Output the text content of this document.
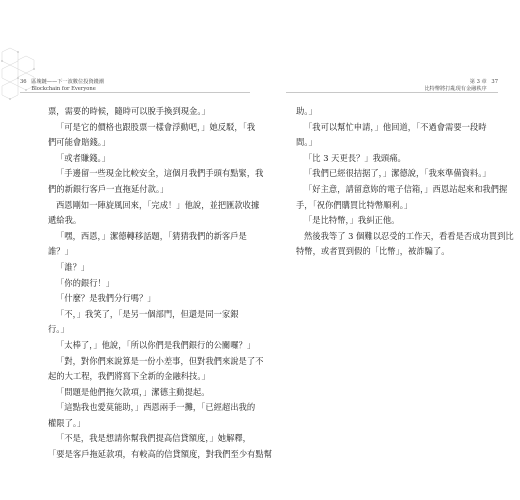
36 區塊鏈——下一波數位投資錢潮
Blockchain for Everyone
第 3 章 37
比特幣將打亂現有金融秩序

票，需要的時候，隨時可以脫手換到現金。」

「可是它的價格也跟股票一樣會浮動吧，」她反駁，「我
們可能會賠錢。」

「或者賺錢。」

「手邊留一些現金比較安全，這個月我們手頭有點緊，我
們的新銀行客戶一直拖延付款。」

西恩剛如一陣旋風回來，「完成！」他說，並把匯款收據
遞給我。

「嘿，西恩，」潔德轉移話題，「猜猜我們的新客戶是
誰？」

「誰？」

「你的銀行！」

「什麼？是我們分行嗎？」

「不，」我笑了，「是另一個部門，但還是同一家銀
行。」

「太棒了，」他說，「所以你們是我們銀行的公關囉？」

「對，對你們來說算是一份小差事，但對我們來說是了不
起的大工程，我們將寫下全新的金融科技。」

「問題是他們拖欠款項，」潔德主動提起。

「這點我也愛莫能助，」西恩兩手一攤，「已經超出我的
權限了。」

「不是，我是想請你幫我們提高信貸額度，」她解釋，
「要是客戶拖延款項，有較高的信貸額度，對我們至少有點幫

助。」

「我可以幫忙申請，」他回道，「不過會需要一段時
間。」

「比 3 天更長？」我頭痛。

「我們已經很拮据了，」潔德說，「我來準備資料。」

「好主意，請留意妳的電子信箱，」西恩站起來和我們握
手，「祝你們購買比特幣順利。」

「是比特幣，」我糾正他。

然後我等了 3 個難以忍受的工作天，看看是否成功買到比
特幣，或者買到假的「比幣」，被詐騙了。
